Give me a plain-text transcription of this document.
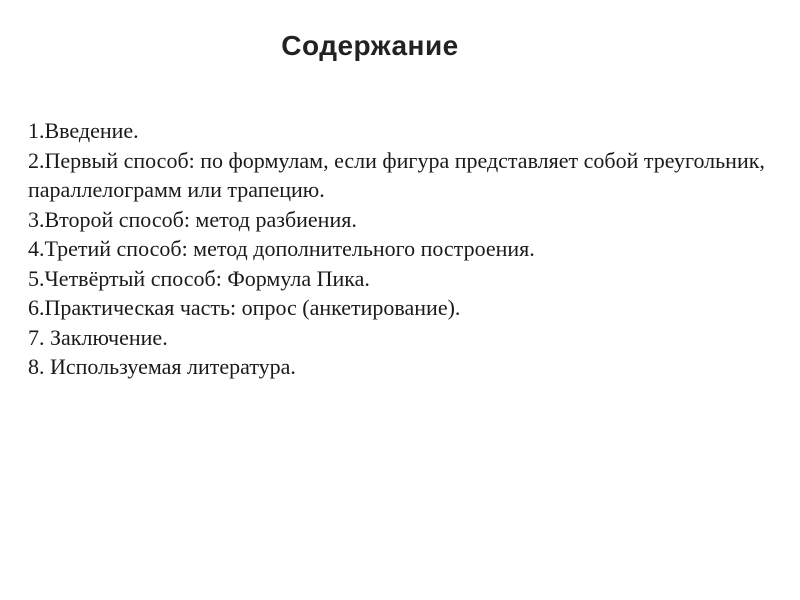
Содержание
1.Введение.
2.Первый способ: по формулам, если фигура представляет собой треугольник, параллелограмм или трапецию.
3.Второй способ: метод разбиения.
4.Третий способ: метод дополнительного построения.
5.Четвёртый способ: Формула Пика.
6.Практическая часть: опрос (анкетирование).
7. Заключение.
8. Используемая литература.
